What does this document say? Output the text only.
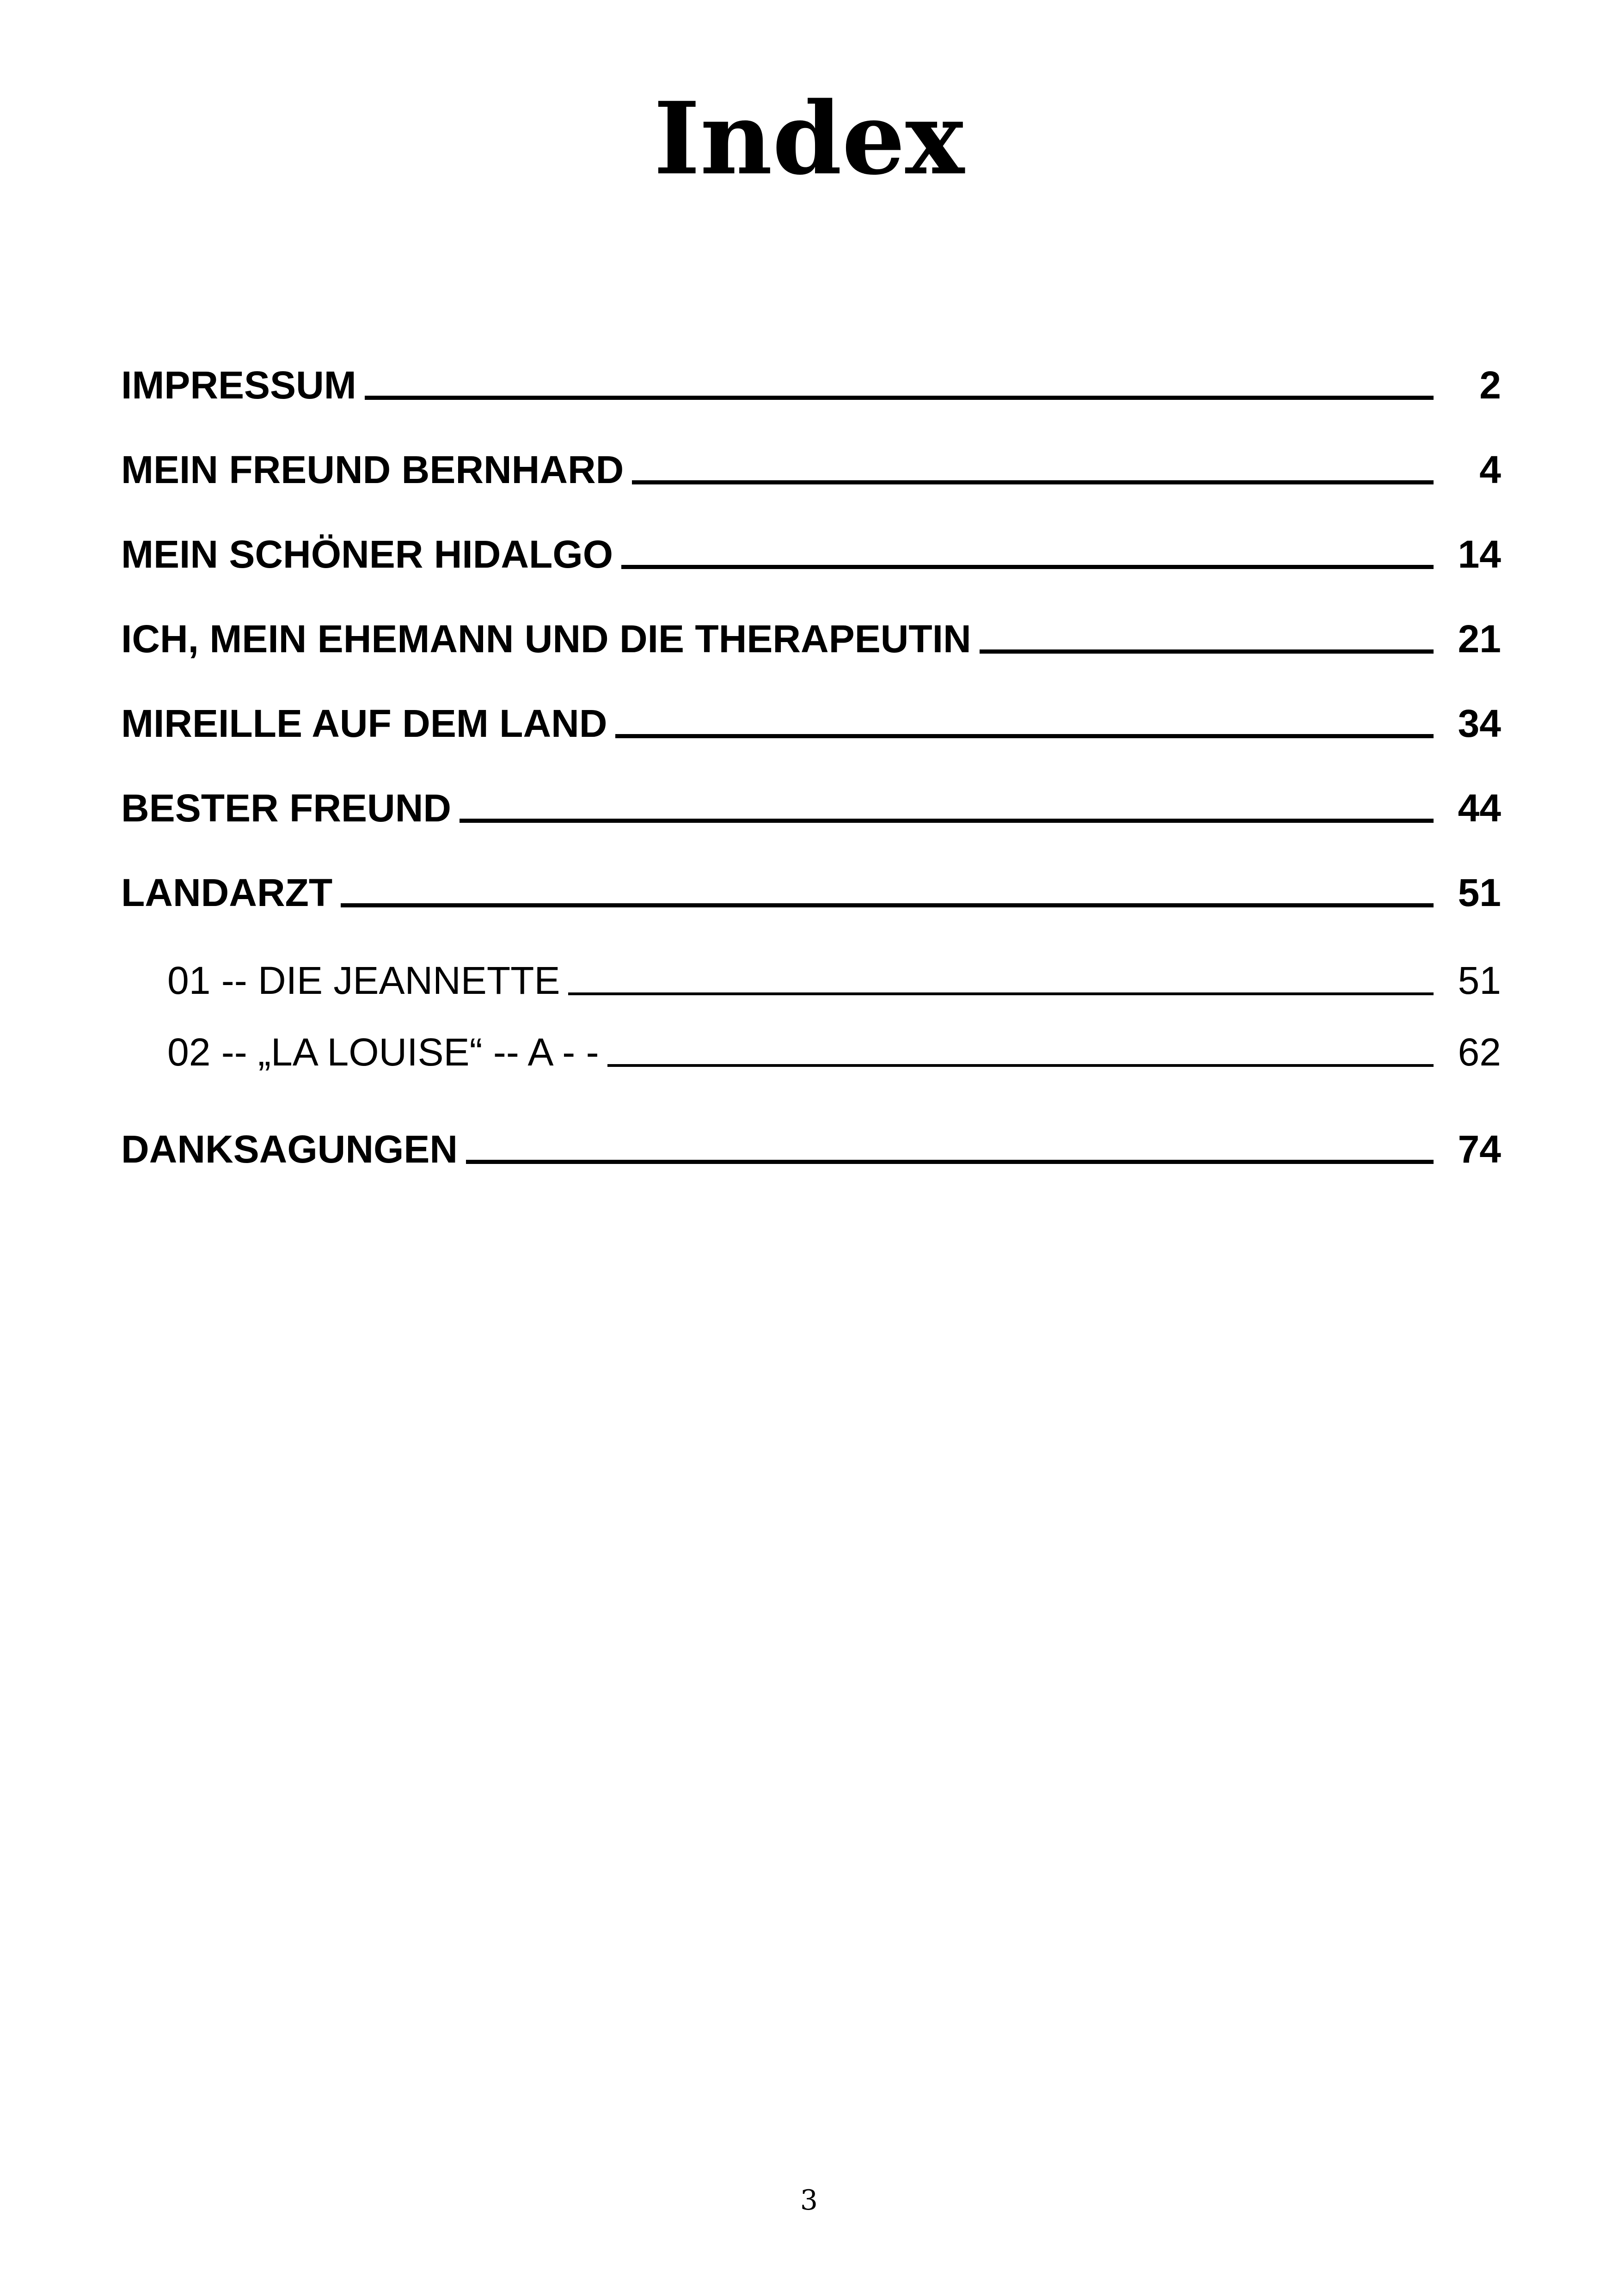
Index
IMPRESSUM	2
MEIN FREUND BERNHARD	4
MEIN SCHÖNER HIDALGO	14
ICH, MEIN EHEMANN UND DIE THERAPEUTIN	21
MIREILLE AUF DEM LAND	34
BESTER FREUND	44
LANDARZT	51
01 -- DIE JEANNETTE	51
02 -- „LA LOUISE“ -- A - -	62
DANKSAGUNGEN	74
3
